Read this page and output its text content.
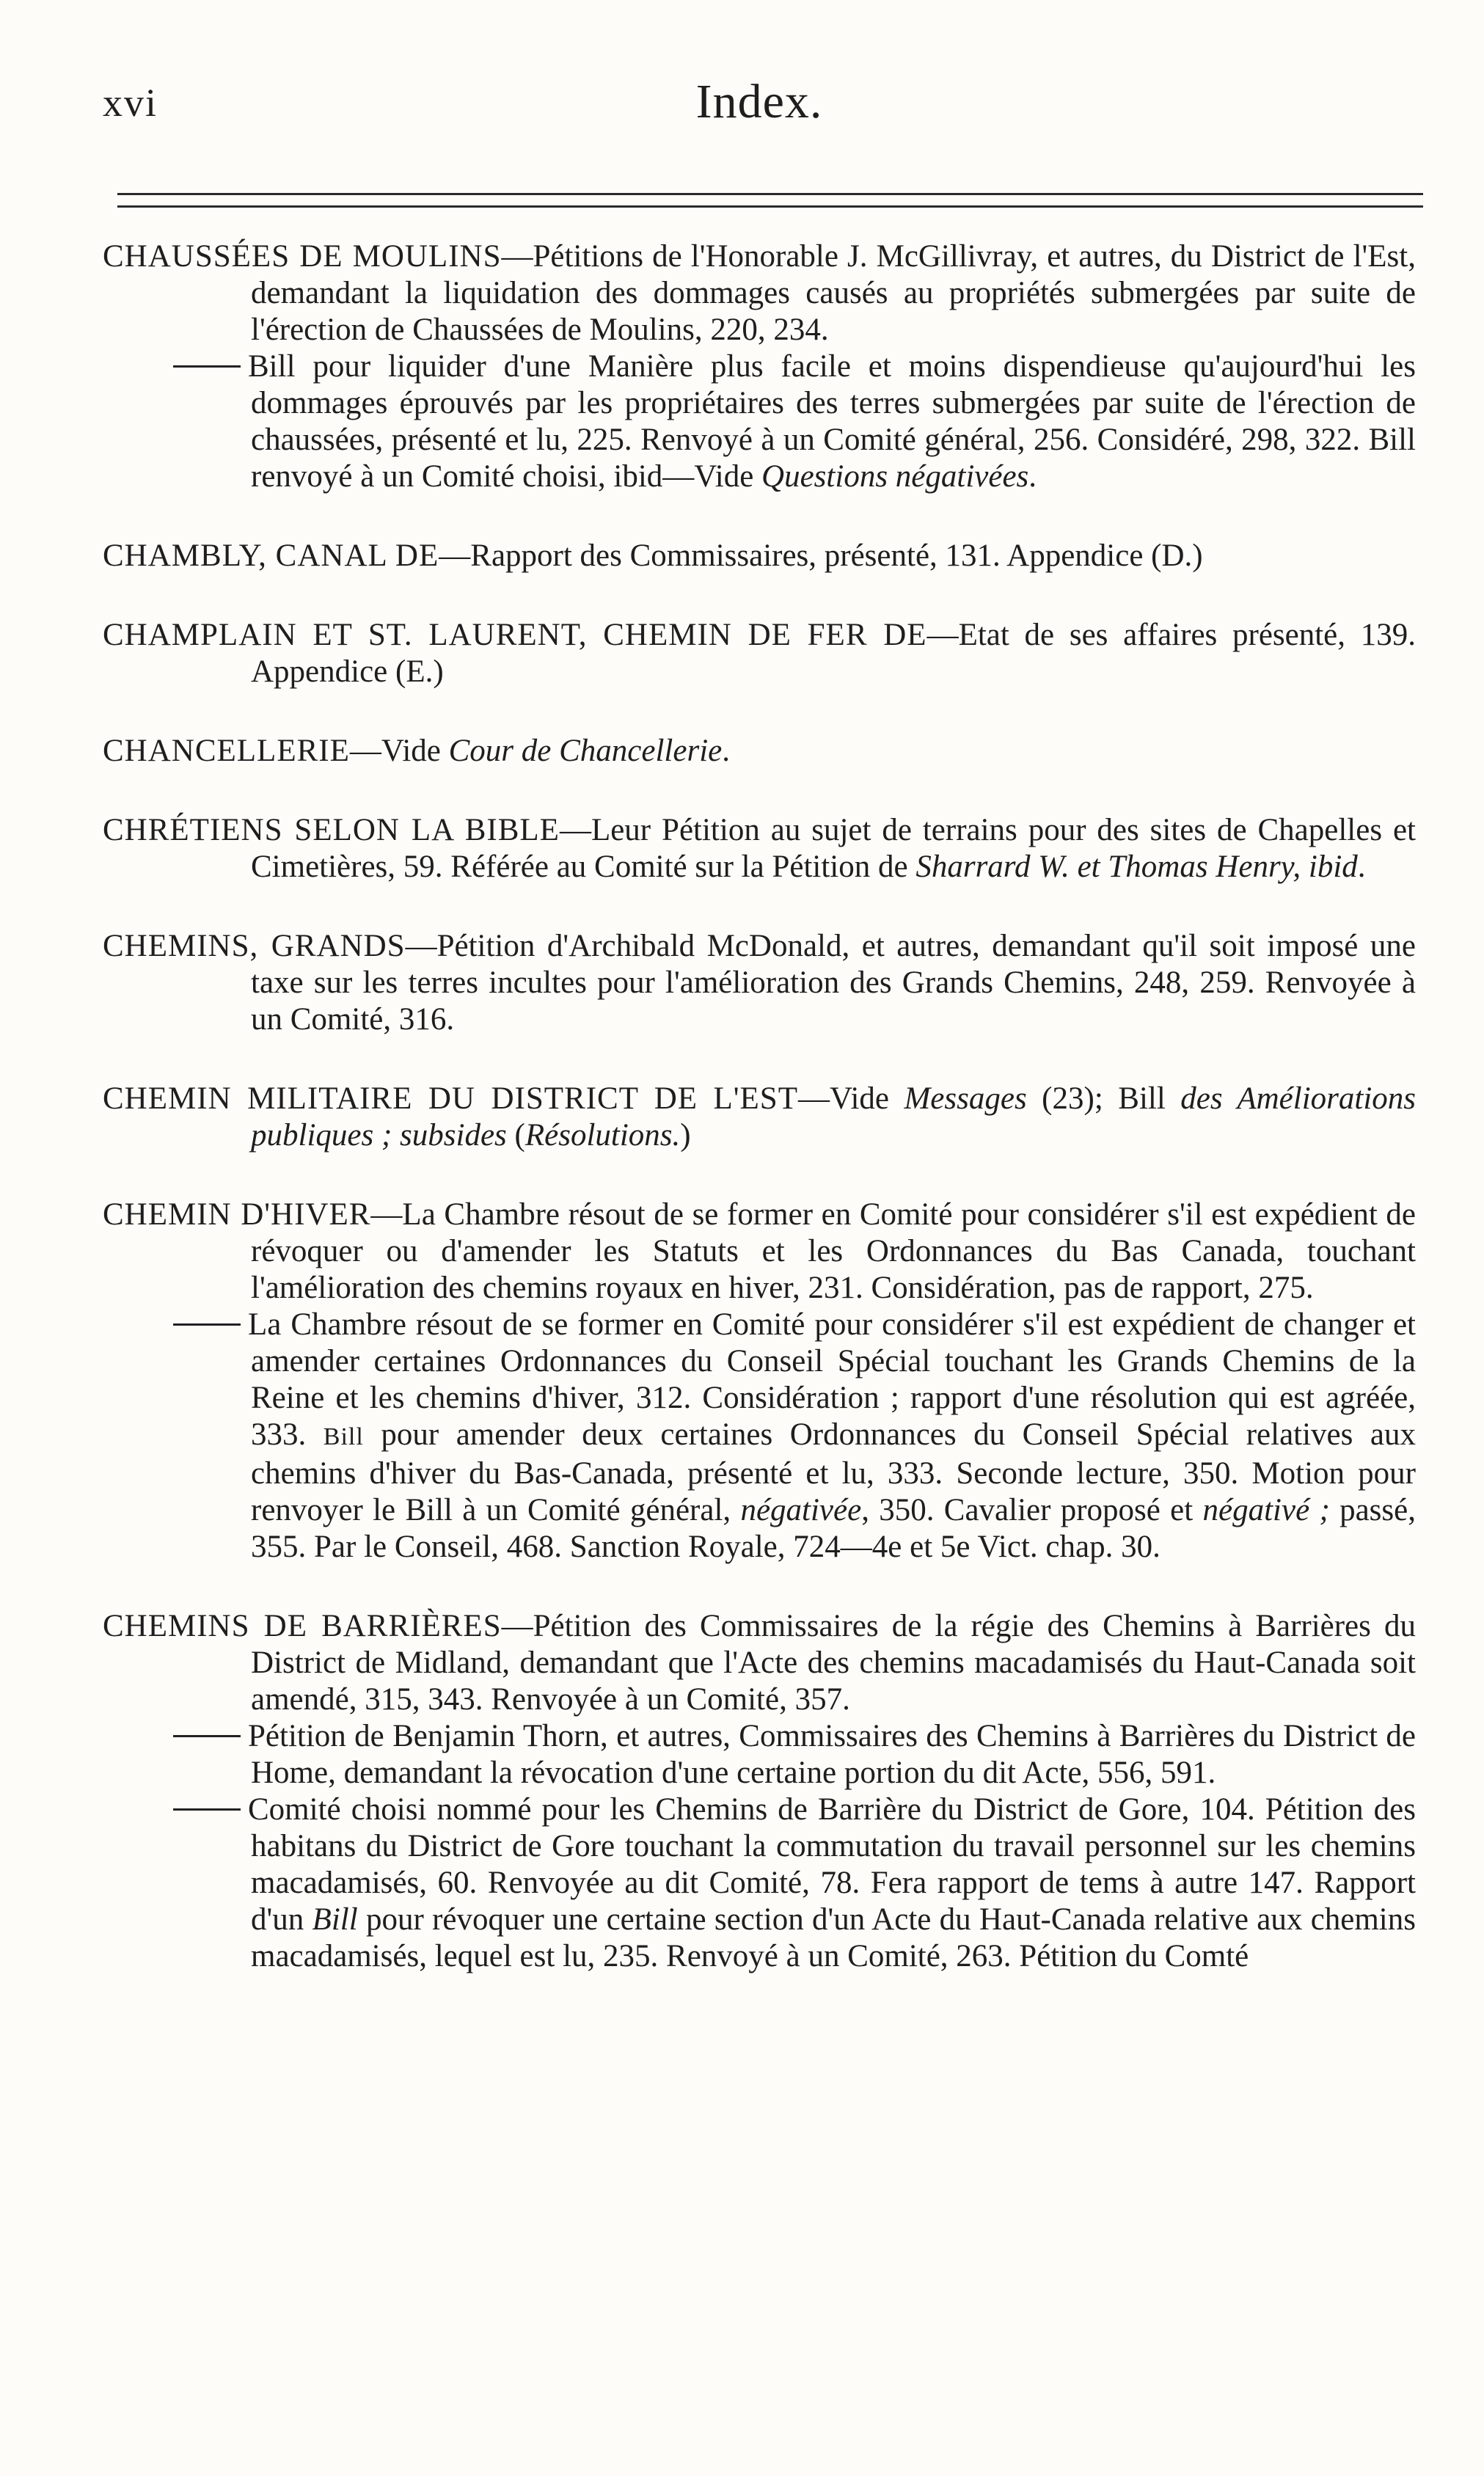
xvi	Index.
CHAUSSÉES DE MOULINS—Pétitions de l'Honorable J. McGillivray, et autres, du District de l'Est, demandant la liquidation des dommages causés au propriétés submergées par suite de l'érection de Chaussées de Moulins, 220, 234.
Bill pour liquider d'une Manière plus facile et moins dispendieuse qu'aujourd'hui les dommages éprouvés par les propriétaires des terres submergées par suite de l'érection de chaussées, présenté et lu, 225. Renvoyé à un Comité général, 256. Considéré, 298, 322. Bill renvoyé à un Comité choisi, ibid—Vide Questions négativées.
CHAMBLY, CANAL DE—Rapport des Commissaires, présenté, 131. Appendice (D.)
CHAMPLAIN ET ST. LAURENT, CHEMIN DE FER DE—Etat de ses affaires présenté, 139. Appendice (E.)
CHANCELLERIE—Vide Cour de Chancellerie.
CHRÉTIENS SELON LA BIBLE—Leur Pétition au sujet de terrains pour des sites de Chapelles et Cimetières, 59. Référée au Comité sur la Pétition de Sharrard W. et Thomas Henry, ibid.
CHEMINS, GRANDS—Pétition d'Archibald McDonald, et autres, demandant qu'il soit imposé une taxe sur les terres incultes pour l'amélioration des Grands Chemins, 248, 259. Renvoyée à un Comité, 316.
CHEMIN MILITAIRE DU DISTRICT DE L'EST—Vide Messages (23); Bill des Améliorations publiques ; subsides (Résolutions.)
CHEMIN D'HIVER—La Chambre résout de se former en Comité pour considérer s'il est expédient de révoquer ou d'amender les Statuts et les Ordonnances du Bas Canada, touchant l'amélioration des chemins royaux en hiver, 231. Considération, pas de rapport, 275.
La Chambre résout de se former en Comité pour considérer s'il est expédient de changer et amender certaines Ordonnances du Conseil Spécial touchant les Grands Chemins de la Reine et les chemins d'hiver, 312. Considération ; rapport d'une résolution qui est agréée, 333. Bill pour amender deux certaines Ordonnances du Conseil Spécial relatives aux chemins d'hiver du Bas-Canada, présenté et lu, 333. Seconde lecture, 350. Motion pour renvoyer le Bill à un Comité général, négativée, 350. Cavalier proposé et négativé ; passé, 355. Par le Conseil, 468. Sanction Royale, 724—4e et 5e Vict. chap. 30.
CHEMINS DE BARRIÈRES—Pétition des Commissaires de la régie des Chemins à Barrières du District de Midland, demandant que l'Acte des chemins macadamisés du Haut-Canada soit amendé, 315, 343. Renvoyée à un Comité, 357.
Pétition de Benjamin Thorn, et autres, Commissaires des Chemins à Barrières du District de Home, demandant la révocation d'une certaine portion du dit Acte, 556, 591.
Comité choisi nommé pour les Chemins de Barrière du District de Gore, 104. Pétition des habitans du District de Gore touchant la commutation du travail personnel sur les chemins macadamisés, 60. Renvoyée au dit Comité, 78. Fera rapport de tems à autre 147. Rapport d'un Bill pour révoquer une certaine section d'un Acte du Haut-Canada relative aux chemins macadamisés, lequel est lu, 235. Renvoyé à un Comité, 263. Pétition du Comté
